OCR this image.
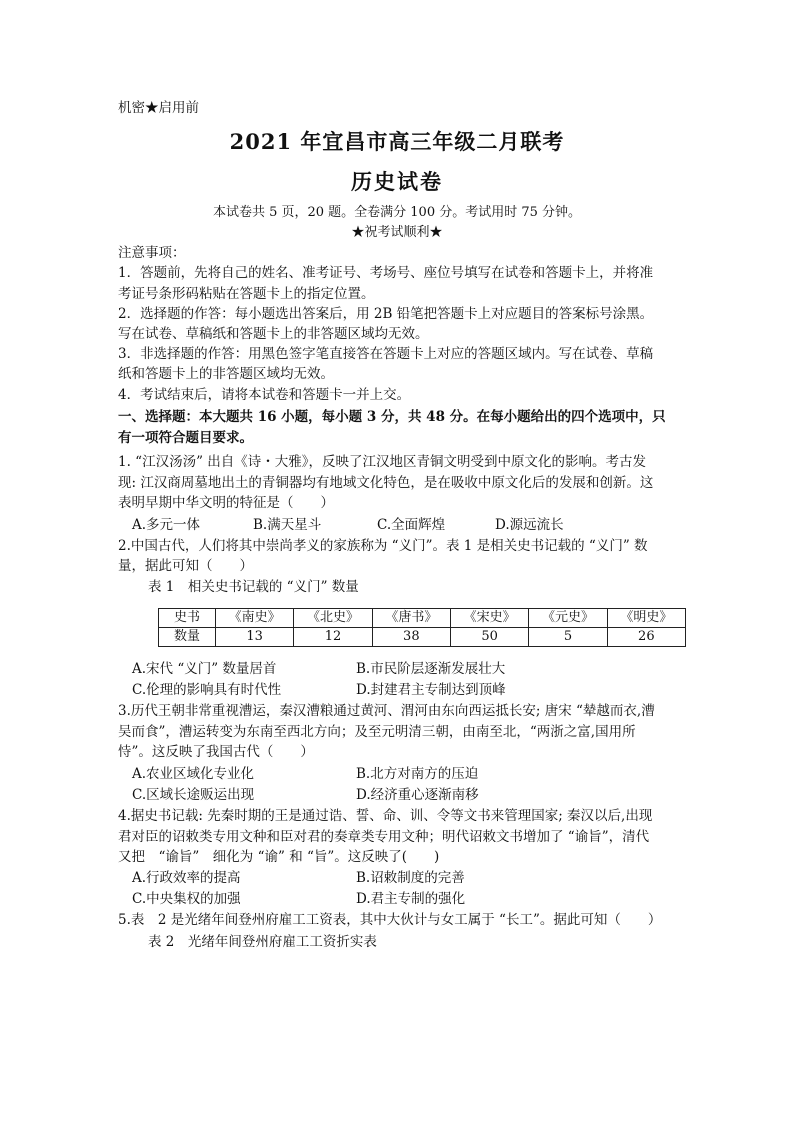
机密★启用前
2021 年宜昌市高三年级二月联考
历史试卷
本试卷共 5 页，20 题。全卷满分 100 分。考试用时 75 分钟。
★祝考试顺利★
注意事项：
1．答题前，先将自己的姓名、准考证号、考场号、座位号填写在试卷和答题卡上，并将准
考证号条形码粘贴在答题卡上的指定位置。
2．选择题的作答：每小题选出答案后，用 2B 铅笔把答题卡上对应题目的答案标号涂黑。
写在试卷、草稿纸和答题卡上的非答题区域均无效。
3．非选择题的作答：用黑色签字笔直接答在答题卡上对应的答题区域内。写在试卷、草稿
纸和答题卡上的非答题区域均无效。
4．考试结束后，请将本试卷和答题卡一并上交。
一、选择题：本大题共 16 小题，每小题 3 分，共 48 分。在每小题给出的四个选项中，只
有一项符合题目要求。
1. “江汉汤汤” 出自《诗・大雅》，反映了江汉地区青铜文明受到中原文化的影响。考古发
现: 江汉商周墓地出土的青铜器均有地域文化特色，是在吸收中原文化后的发展和创新。这
表明早期中华文明的特征是（　　）
A.多元一体	B.满天星斗	C.全面辉煌	D.源远流长
2.中国古代，人们将其中崇尚孝义的家族称为 “义门”。表 1 是相关史书记载的 “义门” 数
量，据此可知（　　）
表 1　相关史书记载的 “义门” 数量
史书	《南史》	《北史》	《唐书》	《宋史》	《元史》	《明史》
数量	13	12	38	50	5	26
A.宋代 “义门” 数量居首	B.市民阶层逐渐发展壮大
C.伦理的影响具有时代性	D.封建君主专制达到顶峰
3.历代王朝非常重视漕运，秦汉漕粮通过黄河、渭河由东向西运抵长安; 唐宋 “辇越而衣,漕
吴而食”，漕运转变为东南至西北方向；及至元明清三朝，由南至北，“两浙之富,国用所
恃”。这反映了我国古代（　　）
A.农业区域化专业化	B.北方对南方的压迫
C.区域长途贩运出现	D.经济重心逐渐南移
4.据史书记载: 先秦时期的王是通过诰、誓、命、训、令等文书来管理国家; 秦汉以后,出现
君对臣的诏敕类专用文种和臣对君的奏章类专用文种；明代诏敕文书增加了 “谕旨”，清代
又把　“谕旨”　细化为 “谕” 和 “旨”。这反映了(　　)
A.行政效率的提高	B.诏敕制度的完善
C.中央集权的加强	D.君主专制的强化
5.表　2 是光绪年间登州府雇工工资表，其中大伙计与女工属于 “长工”。据此可知（　　）
表 2　光绪年间登州府雇工工资折实表
